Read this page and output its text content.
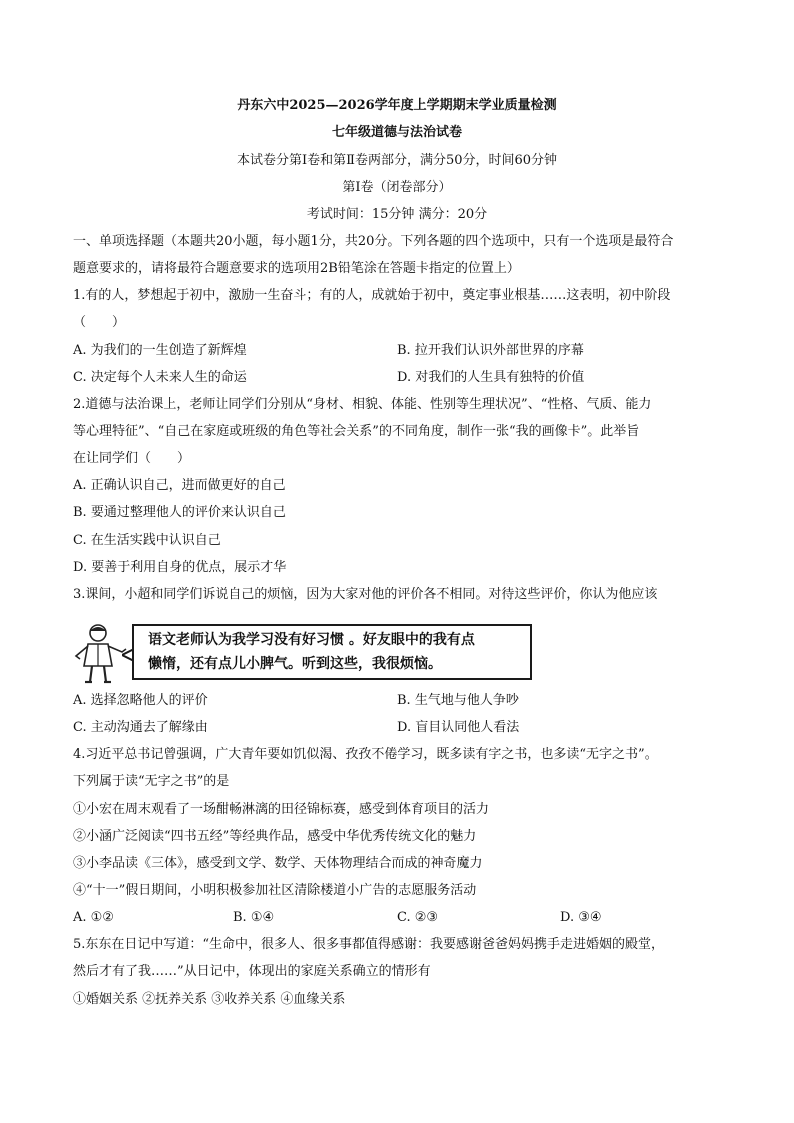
丹东六中2025—2026学年度上学期期末学业质量检测
七年级道德与法治试卷
本试卷分第Ⅰ卷和第Ⅱ卷两部分，满分50分，时间60分钟
第Ⅰ卷（闭卷部分）
考试时间：15分钟 满分：20分
一、单项选择题（本题共20小题，每小题1分，共20分。下列各题的四个选项中，只有一个选项是最符合
题意要求的，请将最符合题意要求的选项用2B铅笔涂在答题卡指定的位置上）
1.有的人，梦想起于初中，激励一生奋斗；有的人，成就始于初中，奠定事业根基……这表明，初中阶段
（　　）
A. 为我们的一生创造了新辉煌	B. 拉开我们认识外部世界的序幕
C. 决定每个人未来人生的命运	D. 对我们的人生具有独特的价值
2.道德与法治课上，老师让同学们分别从“身材、相貌、体能、性别等生理状况”、“性格、气质、能力
等心理特征”、“自己在家庭或班级的角色等社会关系”的不同角度，制作一张“我的画像卡”。此举旨
在让同学们（　　）
A. 正确认识自己，进而做更好的自己
B. 要通过整理他人的评价来认识自己
C. 在生活实践中认识自己
D. 要善于利用自身的优点，展示才华
3.课间，小超和同学们诉说自己的烦恼，因为大家对他的评价各不相同。对待这些评价，你认为他应该
语文老师认为我学习没有好习惯 。好友眼中的我有点
懒惰，还有点儿小脾气。听到这些，我很烦恼。
A. 选择忽略他人的评价	B. 生气地与他人争吵
C. 主动沟通去了解缘由	D. 盲目认同他人看法
4.习近平总书记曾强调，广大青年要如饥似渴、孜孜不倦学习，既多读有字之书，也多读“无字之书”。
下列属于读“无字之书”的是
①小宏在周末观看了一场酣畅淋漓的田径锦标赛，感受到体育项目的活力
②小涵广泛阅读“四书五经”等经典作品，感受中华优秀传统文化的魅力
③小李品读《三体》，感受到文学、数学、天体物理结合而成的神奇魔力
④“十一”假日期间，小明积极参加社区清除楼道小广告的志愿服务活动
A. ①②	B. ①④	C. ②③	D. ③④
5.东东在日记中写道：“生命中，很多人、很多事都值得感谢：我要感谢爸爸妈妈携手走进婚姻的殿堂，
然后才有了我……”从日记中，体现出的家庭关系确立的情形有
①婚姻关系 ②抚养关系 ③收养关系 ④血缘关系
